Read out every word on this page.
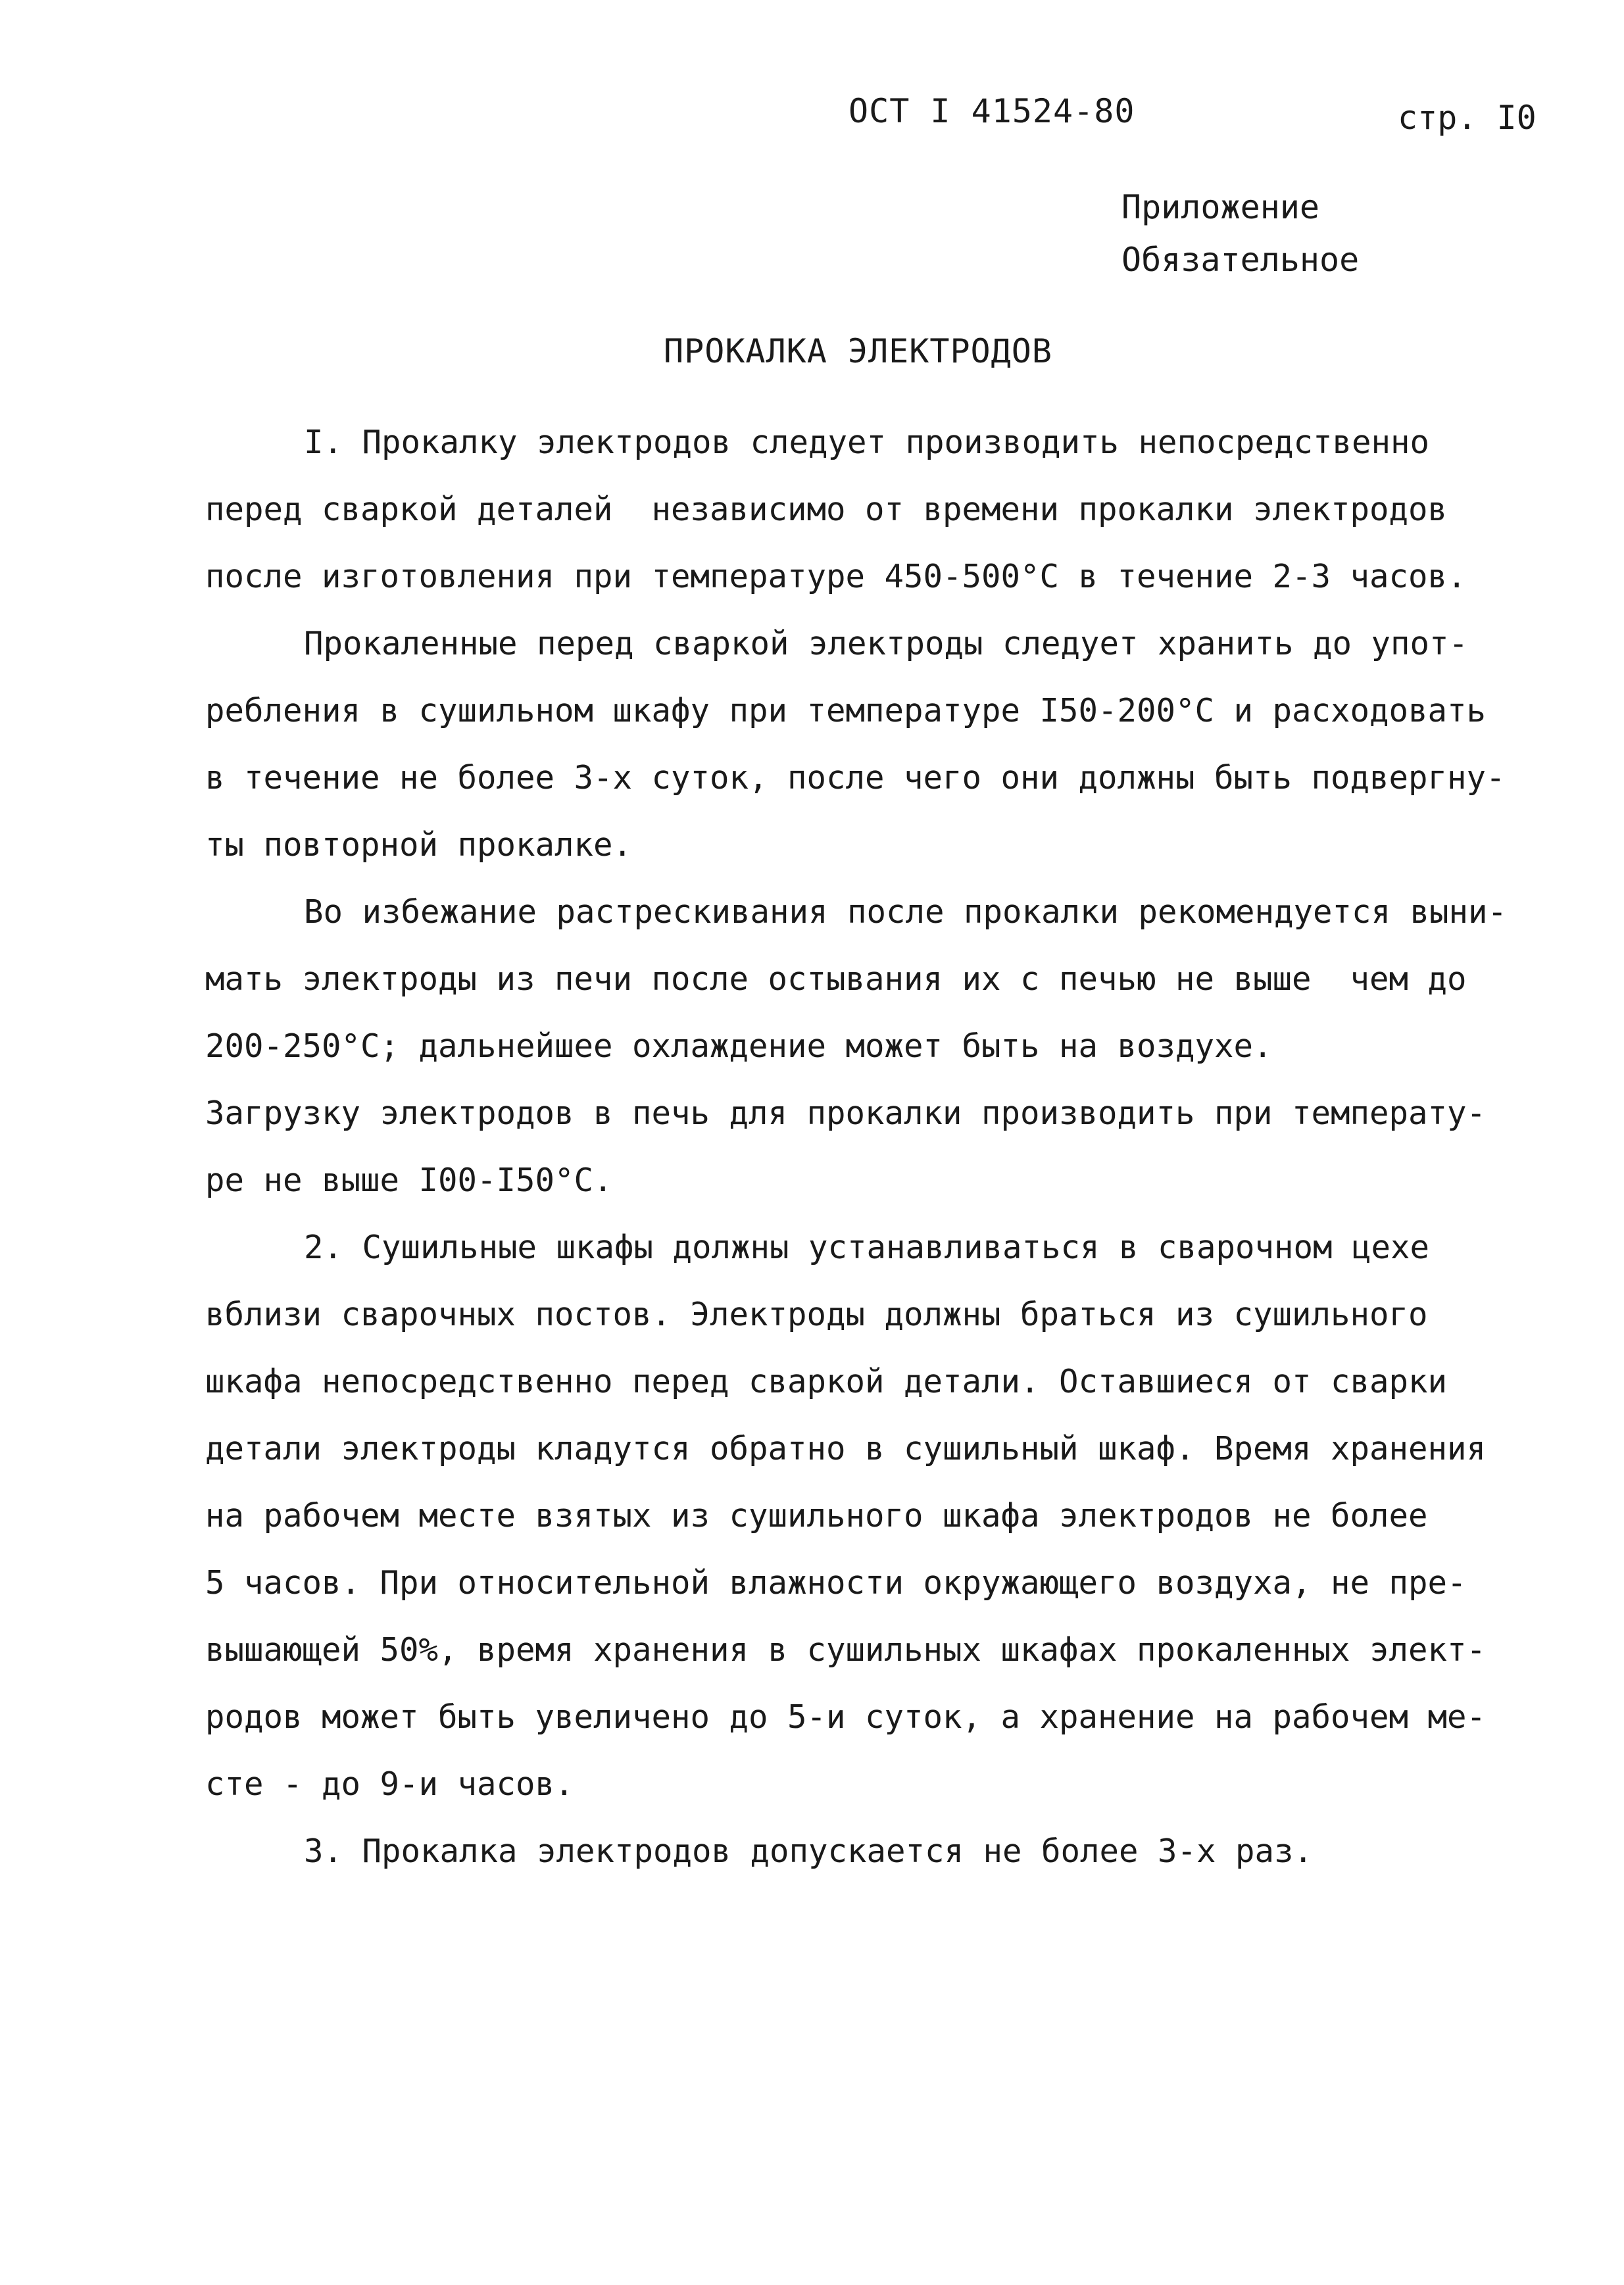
ОСТ I 41524-80	стр. I0
Приложение
Обязательное
ПРОКАЛКА ЭЛЕКТРОДОВ
I. Прокалку электродов следует производить непосредственно
перед сваркой деталей  независимо от времени прокалки электродов
после изготовления при температуре 450-500°С в течение 2-3 часов.
Прокаленные перед сваркой электроды следует хранить до упот-
ребления в сушильном шкафу при температуре I50-200°С и расходовать
в течение не более 3-х суток, после чего они должны быть подвергну-
ты повторной прокалке.
Во избежание растрескивания после прокалки рекомендуется выни-
мать электроды из печи после остывания их с печью не выше  чем до
200-250°С; дальнейшее охлаждение может быть на воздухе.
Загрузку электродов в печь для прокалки производить при температу-
ре не выше I00-I50°С.
2. Сушильные шкафы должны устанавливаться в сварочном цехе
вблизи сварочных постов. Электроды должны браться из сушильного
шкафа непосредственно перед сваркой детали. Оставшиеся от сварки
детали электроды кладутся обратно в сушильный шкаф. Время хранения
на рабочем месте взятых из сушильного шкафа электродов не более
5 часов. При относительной влажности окружающего воздуха, не пре-
вышающей 50%, время хранения в сушильных шкафах прокаленных элект-
родов может быть увеличено до 5-и суток, а хранение на рабочем ме-
сте - до 9-и часов.
3. Прокалка электродов допускается не более 3-х раз.
